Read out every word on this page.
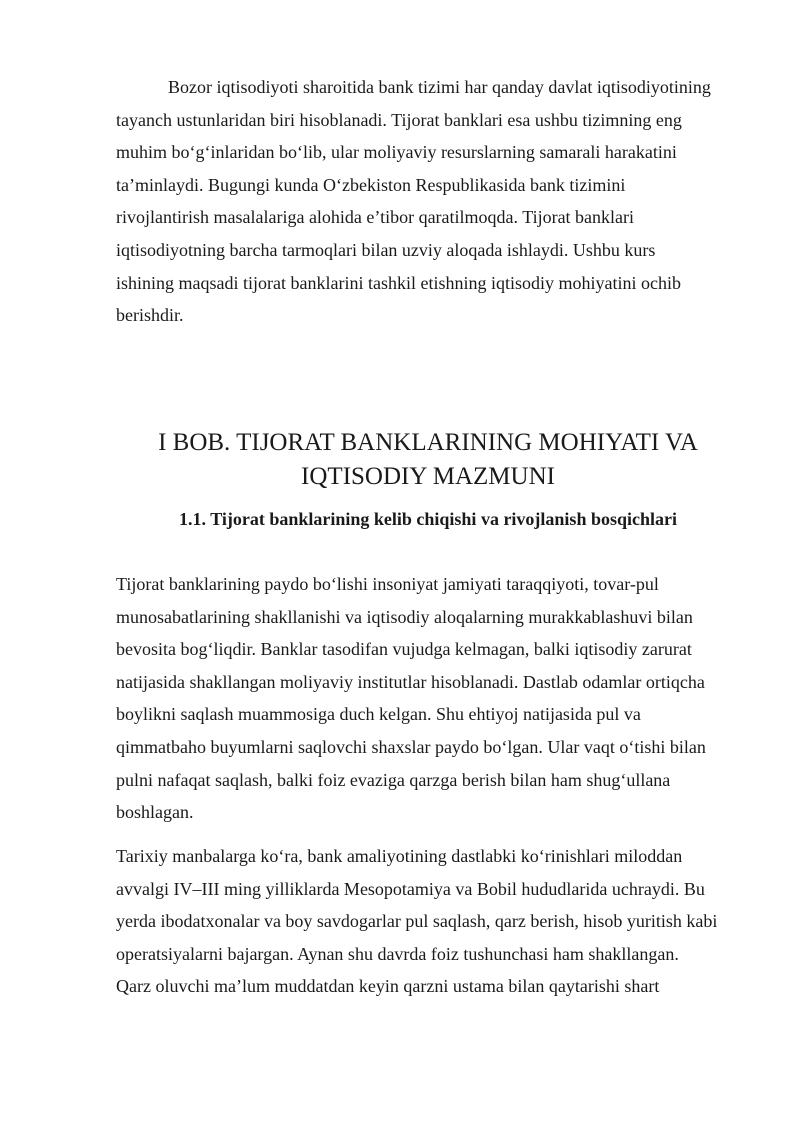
Bozor iqtisodiyoti sharoitida bank tizimi har qanday davlat iqtisodiyotining
tayanch ustunlaridan biri hisoblanadi. Tijorat banklari esa ushbu tizimning eng
muhim bo‘g‘inlaridan bo‘lib, ular moliyaviy resurslarning samarali harakatini
ta’minlaydi. Bugungi kunda O‘zbekiston Respublikasida bank tizimini
rivojlantirish masalalariga alohida e’tibor qaratilmoqda. Tijorat banklari
iqtisodiyotning barcha tarmoqlari bilan uzviy aloqada ishlaydi. Ushbu kurs
ishining maqsadi tijorat banklarini tashkil etishning iqtisodiy mohiyatini ochib
berishdir.

I BOB. TIJORAT BANKLARINING MOHIYATI VA
IQTISODIY MAZMUNI
1.1. Tijorat banklarining kelib chiqishi va rivojlanish bosqichlari

Tijorat banklarining paydo bo‘lishi insoniyat jamiyati taraqqiyoti, tovar-pul
munosabatlarining shakllanishi va iqtisodiy aloqalarning murakkablashuvi bilan
bevosita bog‘liqdir. Banklar tasodifan vujudga kelmagan, balki iqtisodiy zarurat
natijasida shakllangan moliyaviy institutlar hisoblanadi. Dastlab odamlar ortiqcha
boylikni saqlash muammosiga duch kelgan. Shu ehtiyoj natijasida pul va
qimmatbaho buyumlarni saqlovchi shaxslar paydo bo‘lgan. Ular vaqt o‘tishi bilan
pulni nafaqat saqlash, balki foiz evaziga qarzga berish bilan ham shug‘ullana
boshlagan.

Tarixiy manbalarga ko‘ra, bank amaliyotining dastlabki ko‘rinishlari miloddan
avvalgi IV–III ming yilliklarda Mesopotamiya va Bobil hududlarida uchraydi. Bu
yerda ibodatxonalar va boy savdogarlar pul saqlash, qarz berish, hisob yuritish kabi
operatsiyalarni bajargan. Aynan shu davrda foiz tushunchasi ham shakllangan.
Qarz oluvchi ma’lum muddatdan keyin qarzni ustama bilan qaytarishi shart
